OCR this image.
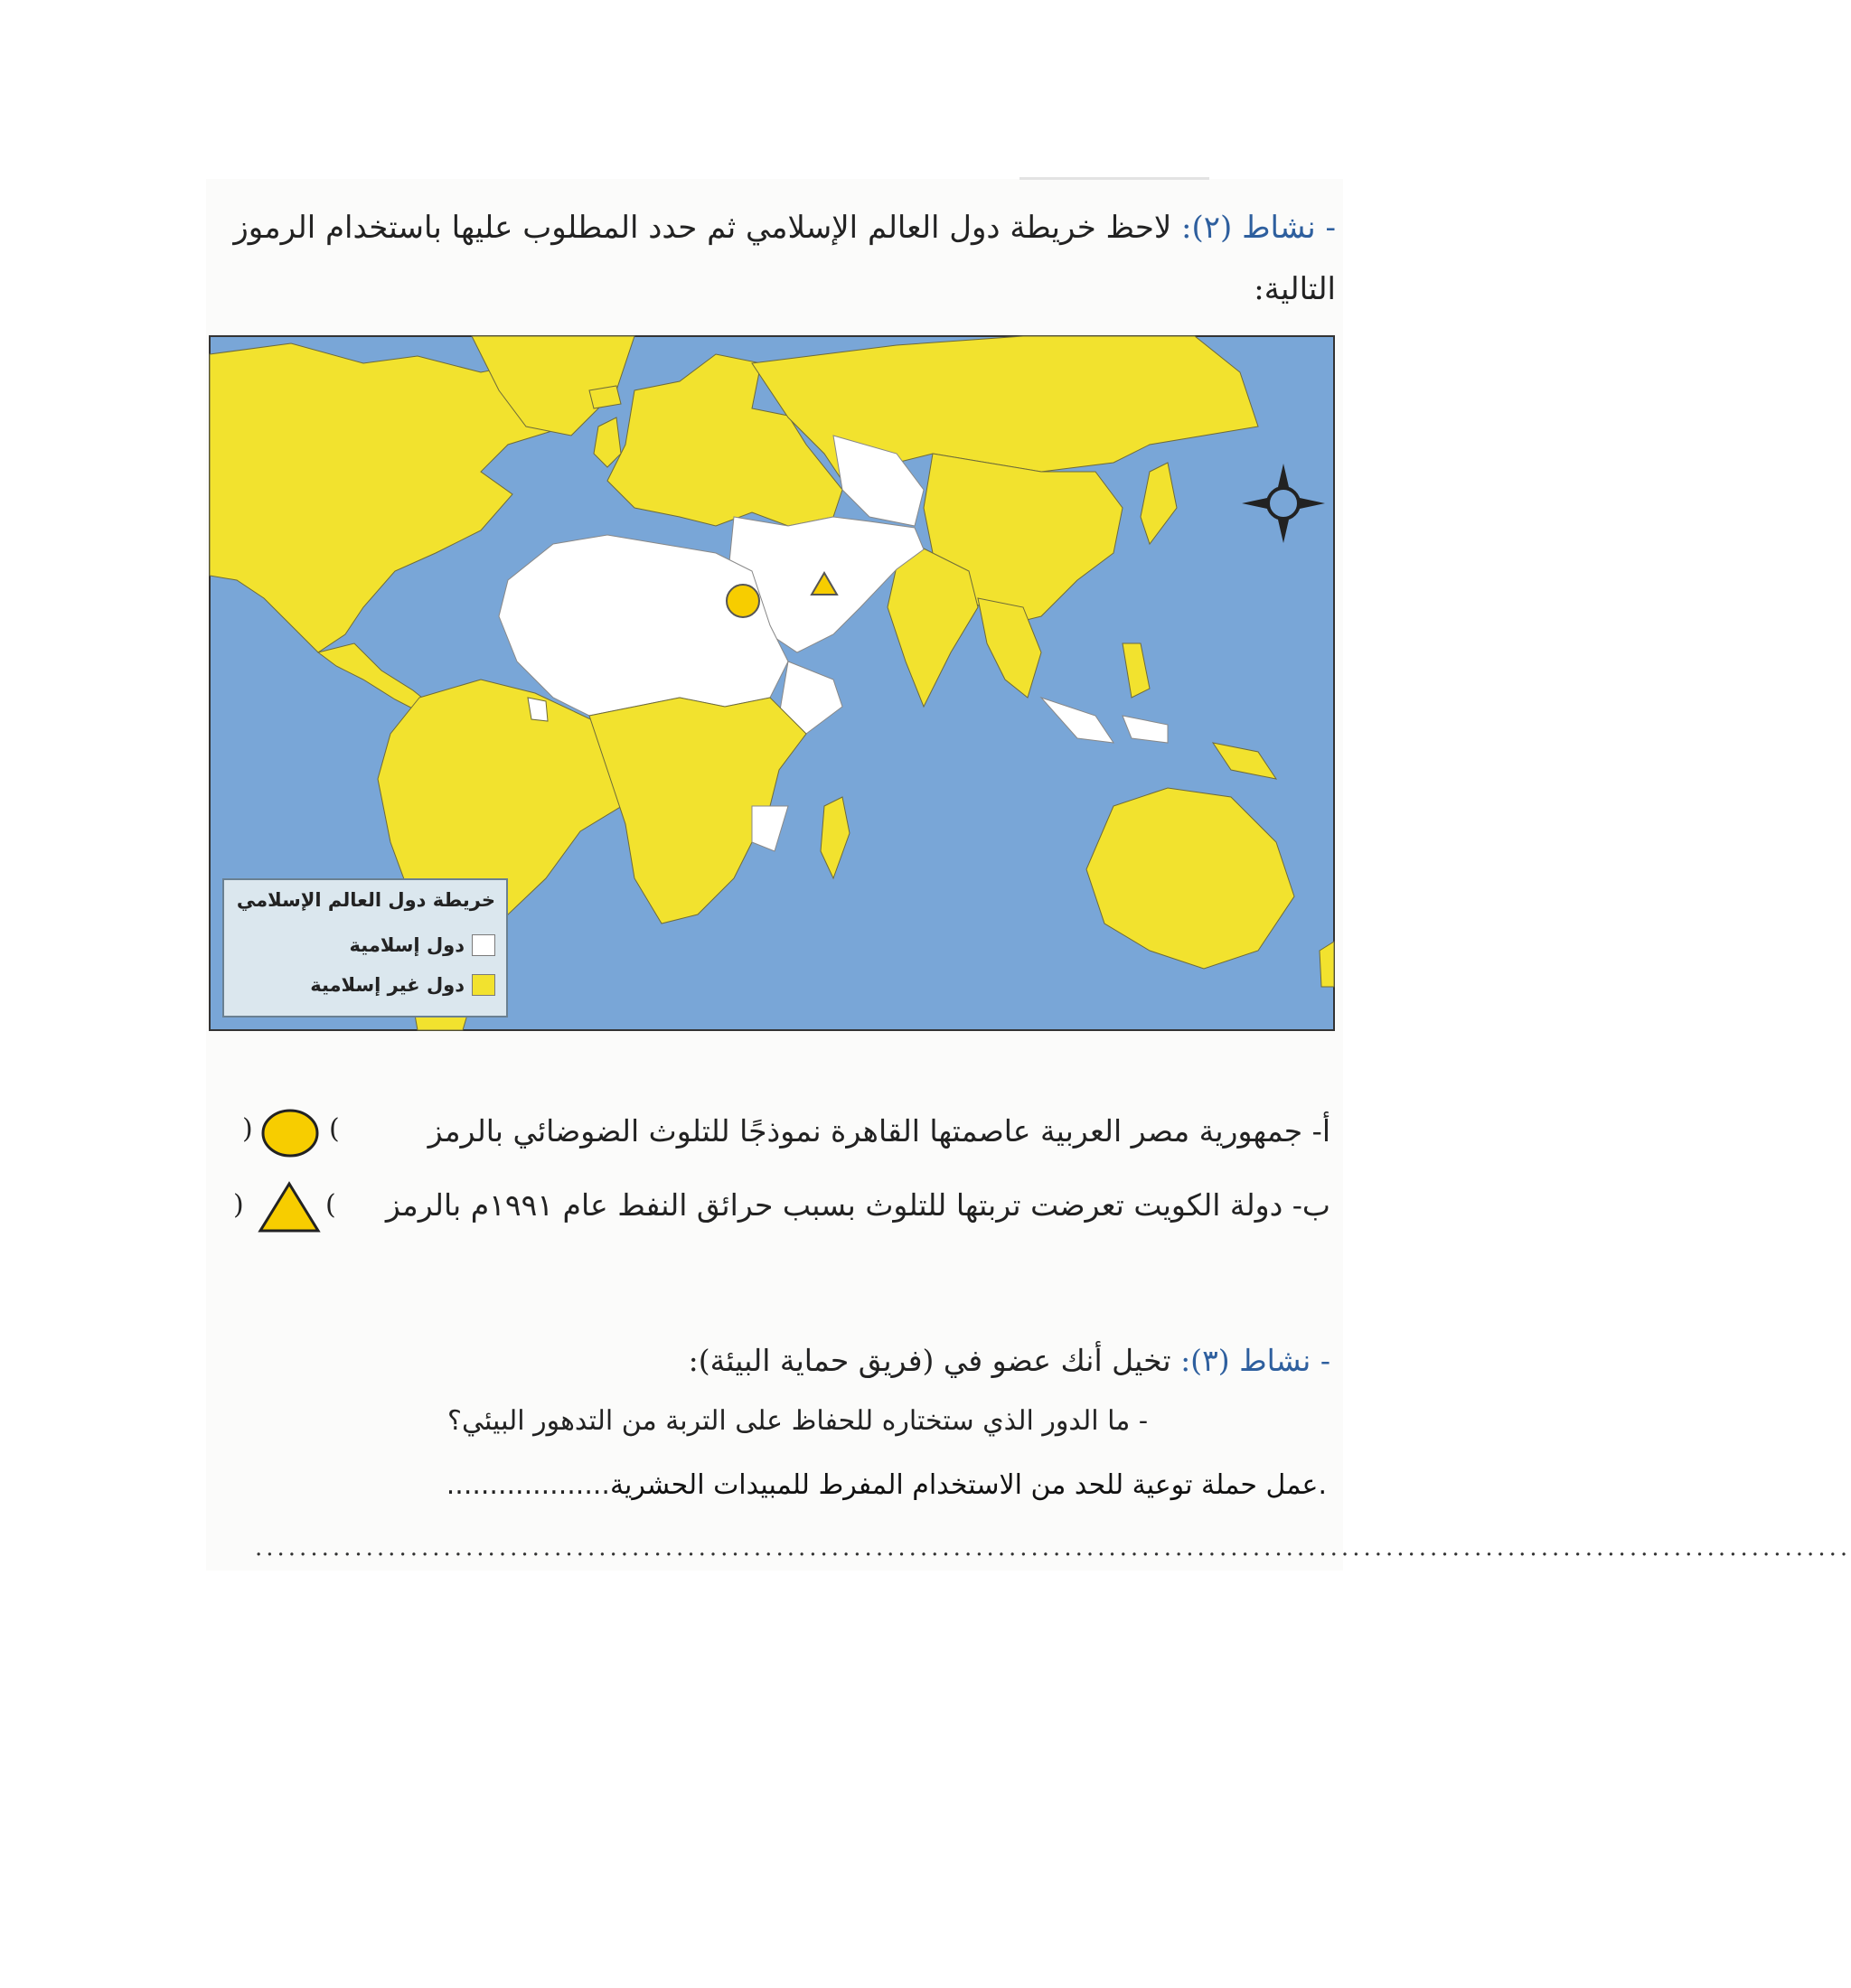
- نشاط (٢): لاحظ خريطة دول العالم الإسلامي ثم حدد المطلوب عليها باستخدام الرموز التالية:
خريطة دول العالم الإسلامي
دول إسلامية
دول غير إسلامية
أ- جمهورية مصر العربية عاصمتها القاهرة نموذجًا للتلوث الضوضائي بالرمز
(
)
ب- دولة الكويت تعرضت تربتها للتلوث بسبب حرائق النفط عام ١٩٩١م بالرمز
(
)
- نشاط (٣): تخيل أنك عضو في (فريق حماية البيئة):
- ما الدور الذي ستختاره للحفاظ على التربة من التدهور البيئي؟
.عمل حملة توعية للحد من الاستخدام المفرط للمبيدات الحشرية...................
................................................................................................................................................
